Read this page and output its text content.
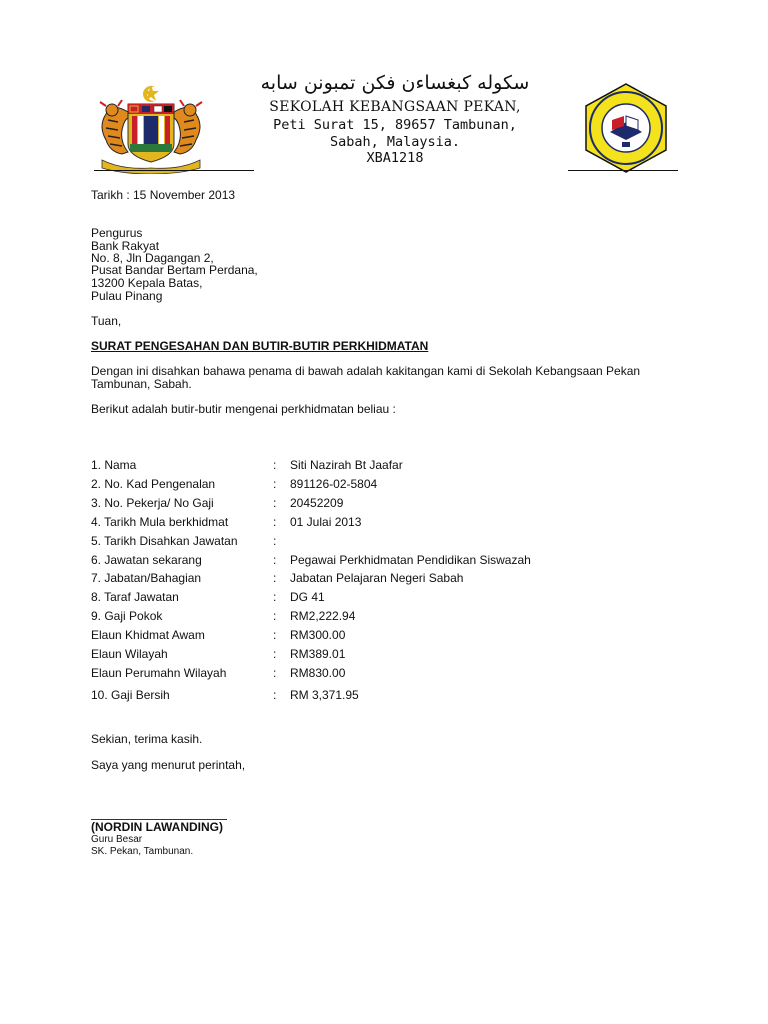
سکوله کبغساءن فکن تمبونن سابه
SEKOLAH KEBANGSAAN PEKAN,
Peti Surat 15, 89657 Tambunan,
Sabah, Malaysia.
XBA1218
Tarikh : 15 November 2013
Pengurus
Bank Rakyat
No. 8, Jln Dagangan 2,
Pusat Bandar Bertam Perdana,
13200 Kepala Batas,
Pulau Pinang
Tuan,
SURAT PENGESAHAN DAN BUTIR-BUTIR PERKHIDMATAN
Dengan ini disahkan bahawa penama di bawah adalah kakitangan kami di Sekolah Kebangsaan Pekan Tambunan, Sabah.
Berikut adalah butir-butir mengenai perkhidmatan beliau :
1. Nama	: Siti Nazirah Bt Jaafar
2. No. Kad Pengenalan	: 891126-02-5804
3. No. Pekerja/ No Gaji	: 20452209
4. Tarikh Mula berkhidmat	: 01 Julai 2013
5. Tarikh Disahkan Jawatan	:
6. Jawatan sekarang	: Pegawai Perkhidmatan Pendidikan Siswazah
7. Jabatan/Bahagian	: Jabatan Pelajaran Negeri Sabah
8. Taraf Jawatan	: DG 41
9. Gaji Pokok	: RM2,222.94
Elaun Khidmat Awam	: RM300.00
Elaun Wilayah	: RM389.01
Elaun Perumahn Wilayah	: RM830.00
10. Gaji Bersih	: RM 3,371.95
Sekian, terima kasih.
Saya yang menurut perintah,
(NORDIN LAWANDING)
Guru Besar
SK. Pekan, Tambunan.
